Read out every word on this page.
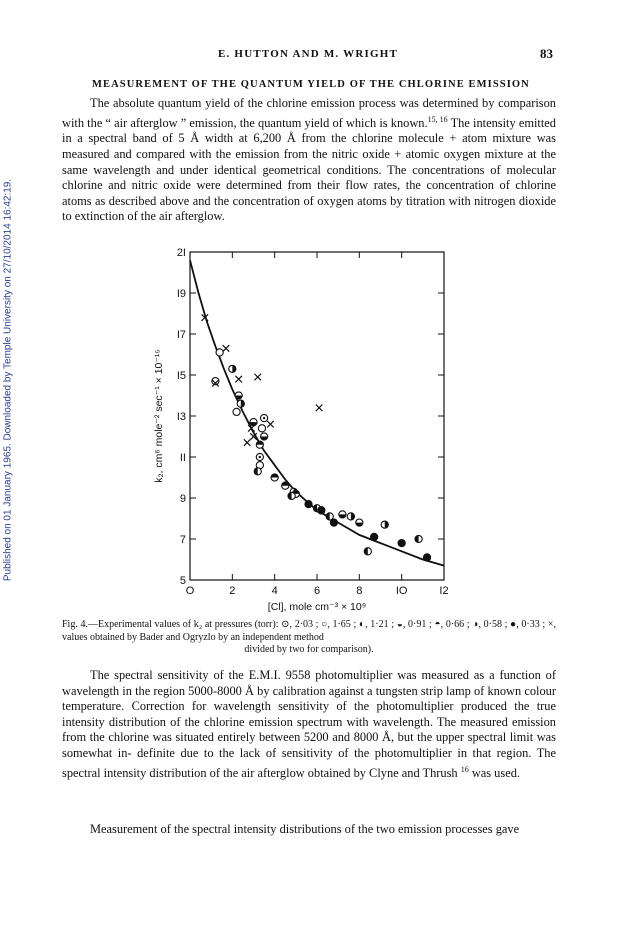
Published on 01 January 1965. Downloaded by Temple University on 27/10/2014 16:42:19.
E. HUTTON AND M. WRIGHT	83
MEASUREMENT OF THE QUANTUM YIELD OF THE CHLORINE EMISSION

The absolute quantum yield of the chlorine emission process was determined by comparison with the “ air afterglow ” emission, the quantum yield of which is known.$^{15, 16}$ The intensity emitted in a spectral band of 5 Å width at 6,200 Å from the chlorine molecule + atom mixture was measured and compared with the emission from the nitric oxide + atomic oxygen mixture at the same wavelength and under identical geometrical conditions. The concentrations of molecular chlorine and nitric oxide were determined from their flow rates, the concentration of chlorine atoms as described above and the concentration of oxygen atoms by titration with nitrogen dioxide to extinction of the air afterglow.

O	2	4	6	8	IO	I2
5
7
9
II
I3
I5
I7
I9
2I
[Cl], mole cm⁻³ × 10⁹
k₂, cm⁶ mole⁻² sec⁻¹ × 10⁻¹⁵

Fig. 4.—Experimental values of k₂ at pressures (torr): ⊙, 2·03 ; ○, 1·65 ; ◐, 1·21 ; ◒, 0·91 ; ◓, 0·66 ; ◑, 0·58 ; ●, 0·33 ; ×, values obtained by Bader and Ogryzlo by an independent method
divided by two for comparison).

The spectral sensitivity of the E.M.I. 9558 photomultiplier was measured as a function of wavelength in the region 5000-8000 Å by calibration against a tungsten strip lamp of known colour temperature. Correction for wavelength sensitivity of the photomultiplier produced the true intensity distribution of the chlorine emission spectrum with wavelength. The measured emission from the chlorine was situated entirely between 5200 and 8000 Å, but the upper spectral limit was somewhat in- definite due to the lack of sensitivity of the photomultiplier in that region. The spectral intensity distribution of the air afterglow obtained by Clyne and Thrush $^{16}$ was used.

Measurement of the spectral intensity distributions of the two emission processes gave
